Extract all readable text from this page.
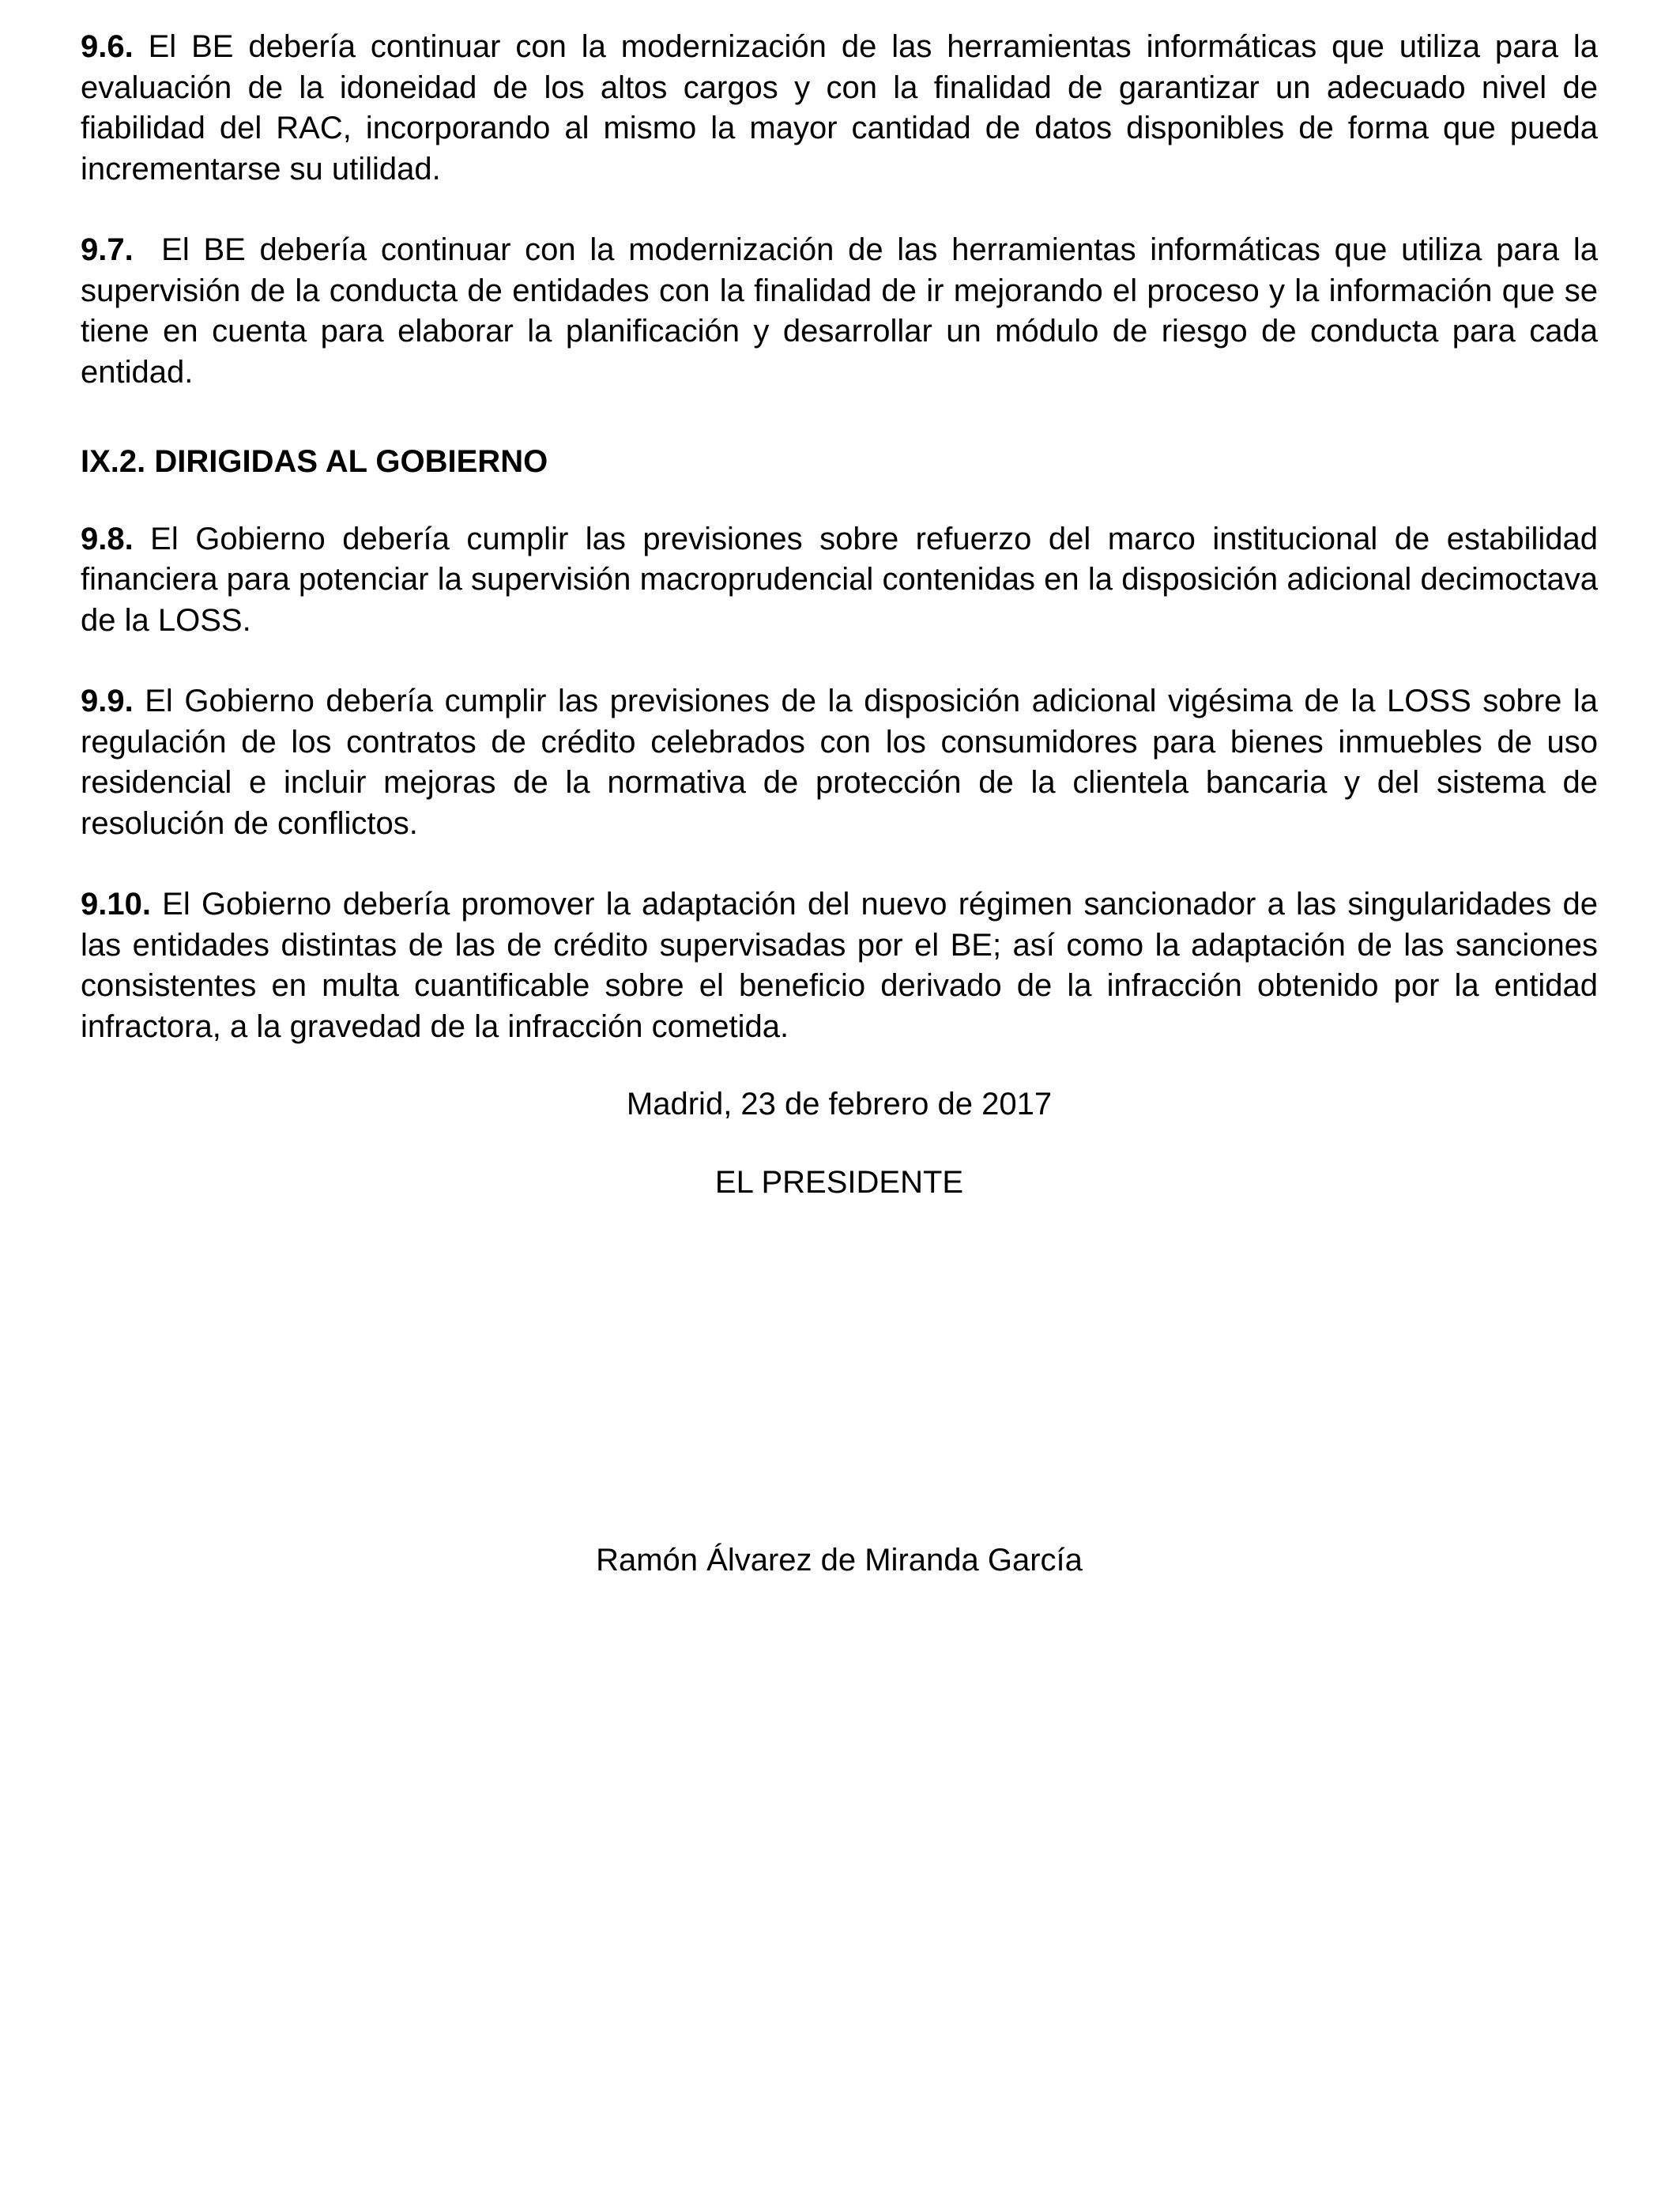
9.6. El BE debería continuar con la modernización de las herramientas informáticas que utiliza para la evaluación de la idoneidad de los altos cargos y con la finalidad de garantizar un adecuado nivel de fiabilidad del RAC, incorporando al mismo la mayor cantidad de datos disponibles de forma que pueda incrementarse su utilidad.

9.7.  El BE debería continuar con la modernización de las herramientas informáticas que utiliza para la supervisión de la conducta de entidades con la finalidad de ir mejorando el proceso y la información que se tiene en cuenta para elaborar la planificación y desarrollar un módulo de riesgo de conducta para cada entidad.

IX.2. DIRIGIDAS AL GOBIERNO

9.8. El Gobierno debería cumplir las previsiones sobre refuerzo del marco institucional de estabilidad financiera para potenciar la supervisión macroprudencial contenidas en la disposición adicional decimoctava de la LOSS.

9.9. El Gobierno debería cumplir las previsiones de la disposición adicional vigésima de la LOSS sobre la regulación de los contratos de crédito celebrados con los consumidores para bienes inmuebles de uso residencial e incluir mejoras de la normativa de protección de la clientela bancaria y del sistema de resolución de conflictos.

9.10. El Gobierno debería promover la adaptación del nuevo régimen sancionador a las singularidades de las entidades distintas de las de crédito supervisadas por el BE; así como la adaptación de las sanciones consistentes en multa cuantificable sobre el beneficio derivado de la infracción obtenido por la entidad infractora, a la gravedad de la infracción cometida.

Madrid, 23 de febrero de 2017

EL PRESIDENTE

Ramón Álvarez de Miranda García
